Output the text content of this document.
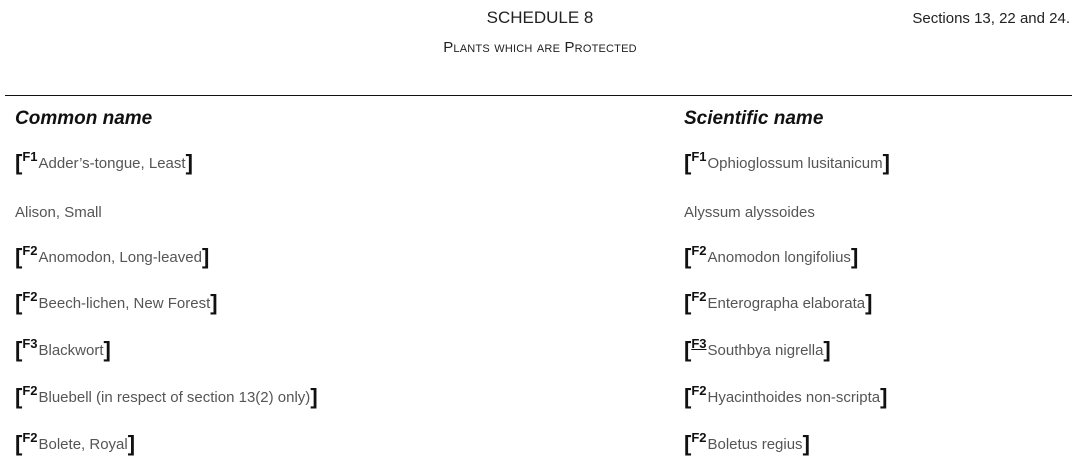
SCHEDULE 8
Plants which are Protected
Sections 13, 22 and 24.
Common name	Scientific name
[F1Adder’s-tongue, Least]	[F1Ophioglossum lusitanicum]
Alison, Small	Alyssum alyssoides
[F2Anomodon, Long-leaved]	[F2Anomodon longifolius]
[F2Beech-lichen, New Forest]	[F2Enterographa elaborata]
[F3Blackwort]	[F3Southbya nigrella]
[F2Bluebell (in respect of section 13(2) only)]	[F2Hyacinthoides non-scripta]
[F2Bolete, Royal]	[F2Boletus regius]
